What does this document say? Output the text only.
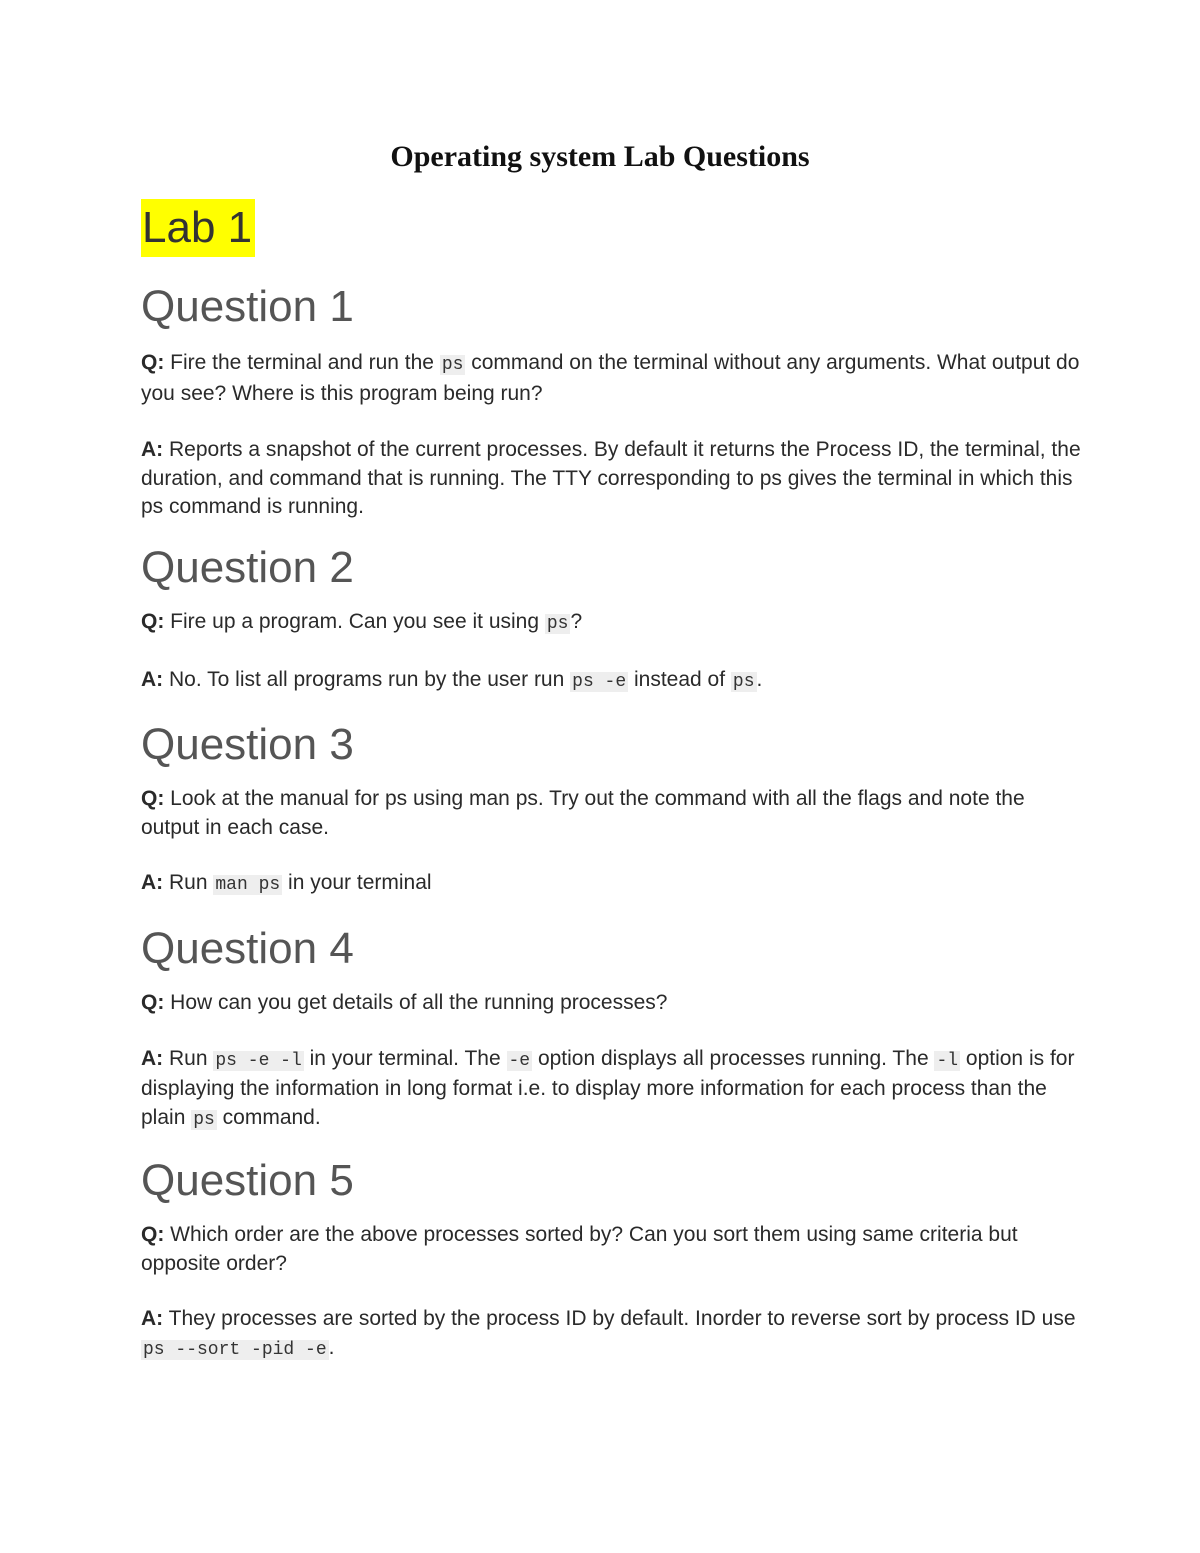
Operating system Lab Questions
Lab 1
Question 1

Q: Fire the terminal and run the ps command on the terminal without any arguments. What output do you see? Where is this program being run?

A: Reports a snapshot of the current processes. By default it returns the Process ID, the terminal, the duration, and command that is running. The TTY corresponding to ps gives the terminal in which this ps command is running.

Question 2

Q: Fire up a program. Can you see it using ps?

A: No. To list all programs run by the user run ps -e instead of ps.

Question 3

Q: Look at the manual for ps using man ps. Try out the command with all the flags and note the output in each case.

A: Run man ps in your terminal

Question 4

Q: How can you get details of all the running processes?

A: Run ps -e -l in your terminal. The -e option displays all processes running. The -l option is for displaying the information in long format i.e. to display more information for each process than the plain ps command.

Question 5

Q: Which order are the above processes sorted by? Can you sort them using same criteria but opposite order?

A: They processes are sorted by the process ID by default. Inorder to reverse sort by process ID use ps --sort -pid -e.
